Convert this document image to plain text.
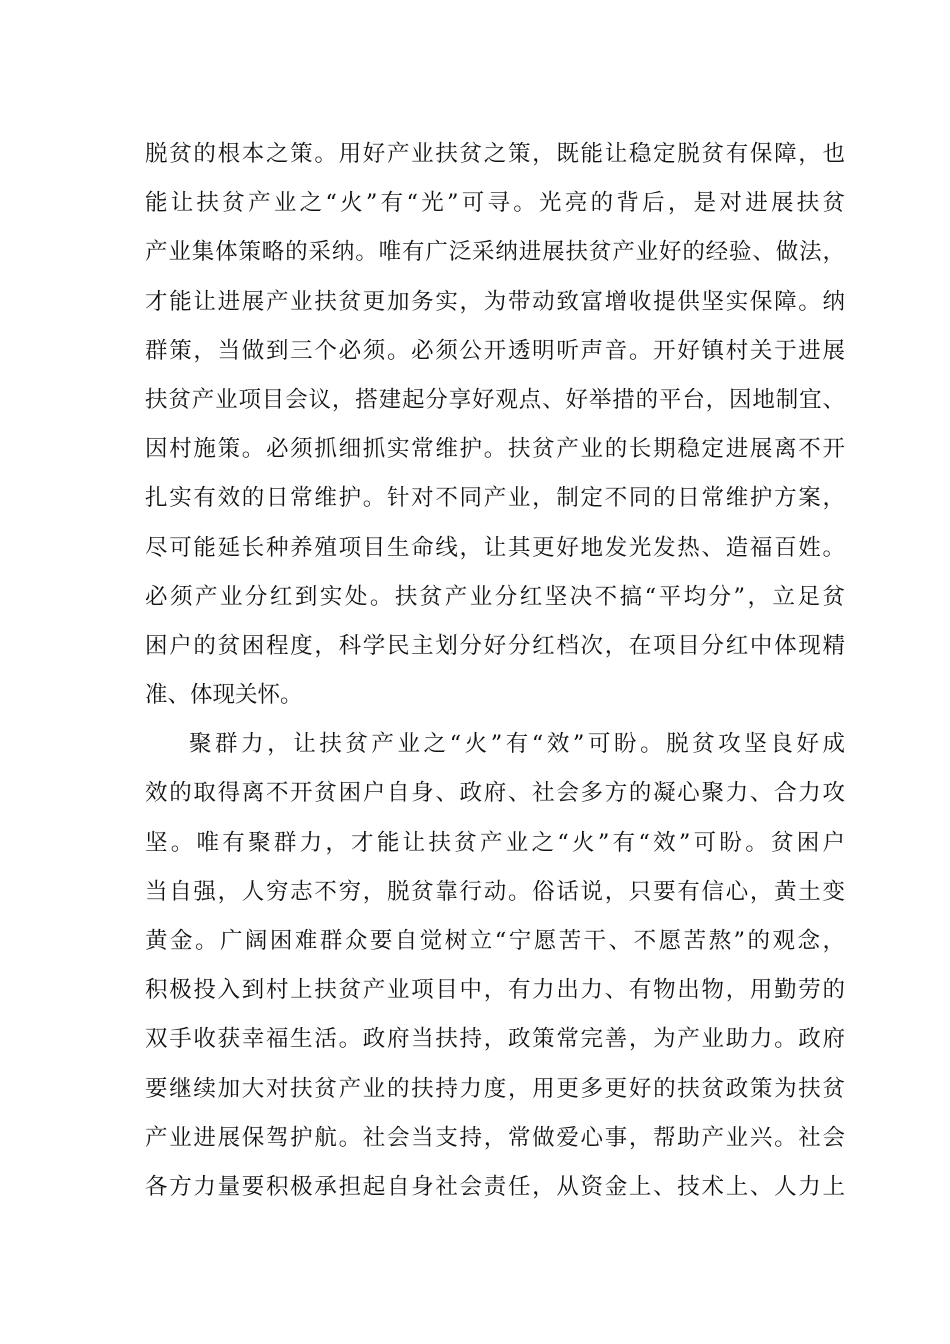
脱贫的根本之策。用好产业扶贫之策，既能让稳定脱贫有保障，也
能让扶贫产业之“火”有“光”可寻。光亮的背后，是对进展扶贫
产业集体策略的采纳。唯有广泛采纳进展扶贫产业好的经验、做法，
才能让进展产业扶贫更加务实，为带动致富增收提供坚实保障。纳
群策，当做到三个必须。必须公开透明听声音。开好镇村关于进展
扶贫产业项目会议，搭建起分享好观点、好举措的平台，因地制宜、
因村施策。必须抓细抓实常维护。扶贫产业的长期稳定进展离不开
扎实有效的日常维护。针对不同产业，制定不同的日常维护方案，
尽可能延长种养殖项目生命线，让其更好地发光发热、造福百姓。
必须产业分红到实处。扶贫产业分红坚决不搞“平均分”，立足贫
困户的贫困程度，科学民主划分好分红档次，在项目分红中体现精
准、体现关怀。
聚群力，让扶贫产业之“火”有“效”可盼。脱贫攻坚良好成
效的取得离不开贫困户自身、政府、社会多方的凝心聚力、合力攻
坚。唯有聚群力，才能让扶贫产业之“火”有“效”可盼。贫困户
当自强，人穷志不穷，脱贫靠行动。俗话说，只要有信心，黄土变
黄金。广阔困难群众要自觉树立“宁愿苦干、不愿苦熬”的观念，
积极投入到村上扶贫产业项目中，有力出力、有物出物，用勤劳的
双手收获幸福生活。政府当扶持，政策常完善，为产业助力。政府
要继续加大对扶贫产业的扶持力度，用更多更好的扶贫政策为扶贫
产业进展保驾护航。社会当支持，常做爱心事，帮助产业兴。社会
各方力量要积极承担起自身社会责任，从资金上、技术上、人力上
